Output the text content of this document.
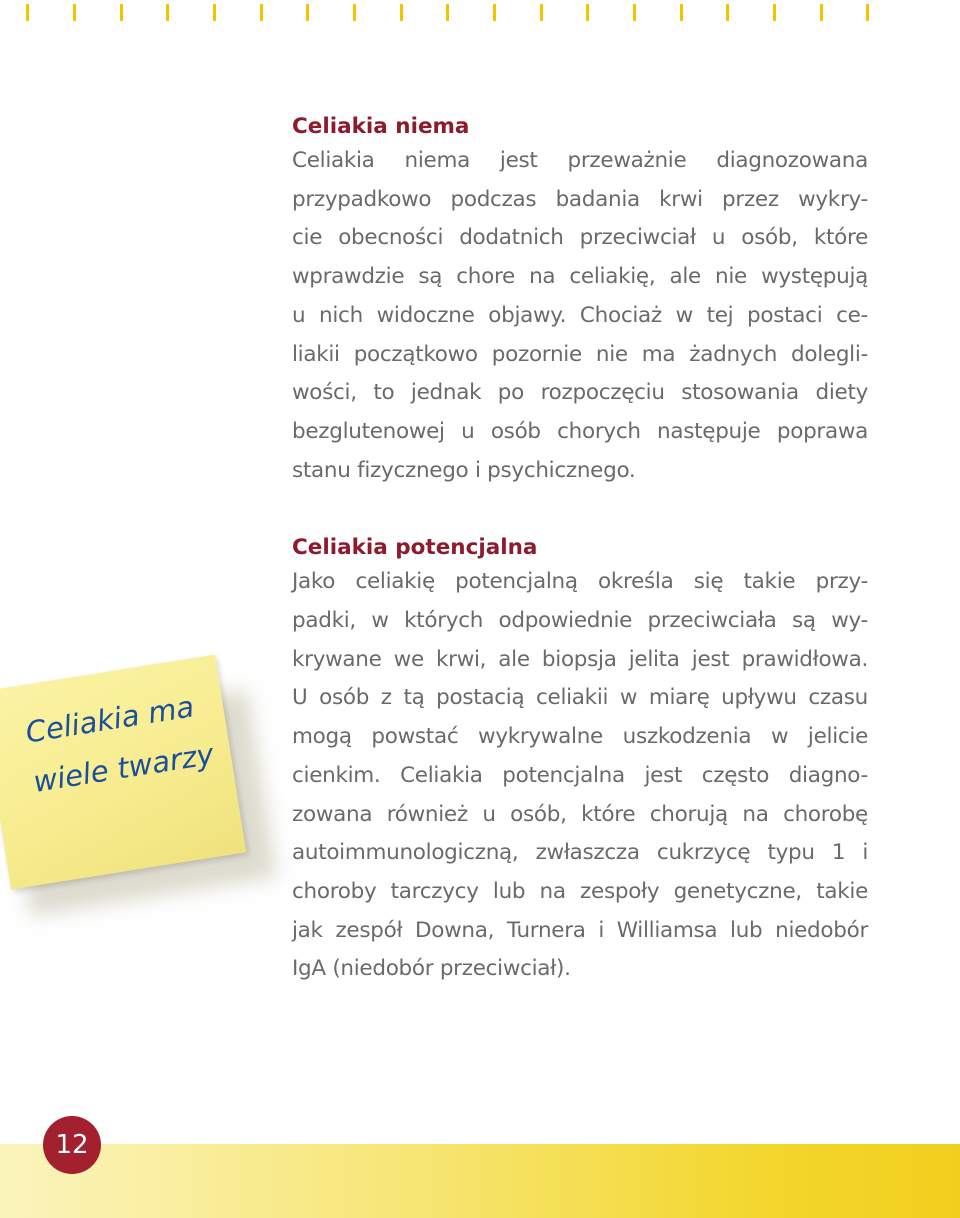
Celiakia niema

Celiakia niema jest przeważnie diagnozowana
przypadkowo podczas badania krwi przez wykry-
cie obecności dodatnich przeciwciał u osób, które
wprawdzie są chore na celiakię, ale nie występują
u nich widoczne objawy. Chociaż w tej postaci ce-
liakii początkowo pozornie nie ma żadnych dolegli-
wości, to jednak po rozpoczęciu stosowania diety
bezglutenowej u osób chorych następuje poprawa
stanu fizycznego i psychicznego.

Celiakia potencjalna

Jako celiakię potencjalną określa się takie przy-
padki, w których odpowiednie przeciwciała są wy-
krywane we krwi, ale biopsja jelita jest prawidłowa.
U osób z tą postacią celiakii w miarę upływu czasu
mogą powstać wykrywalne uszkodzenia w jelicie
cienkim. Celiakia potencjalna jest często diagno-
zowana również u osób, które chorują na chorobę
autoimmunologiczną, zwłaszcza cukrzycę typu 1 i
choroby tarczycy lub na zespoły genetyczne, takie
jak zespół Downa, Turnera i Williamsa lub niedobór
IgA (niedobór przeciwciał).

Celiakia ma
wiele twarzy
12
